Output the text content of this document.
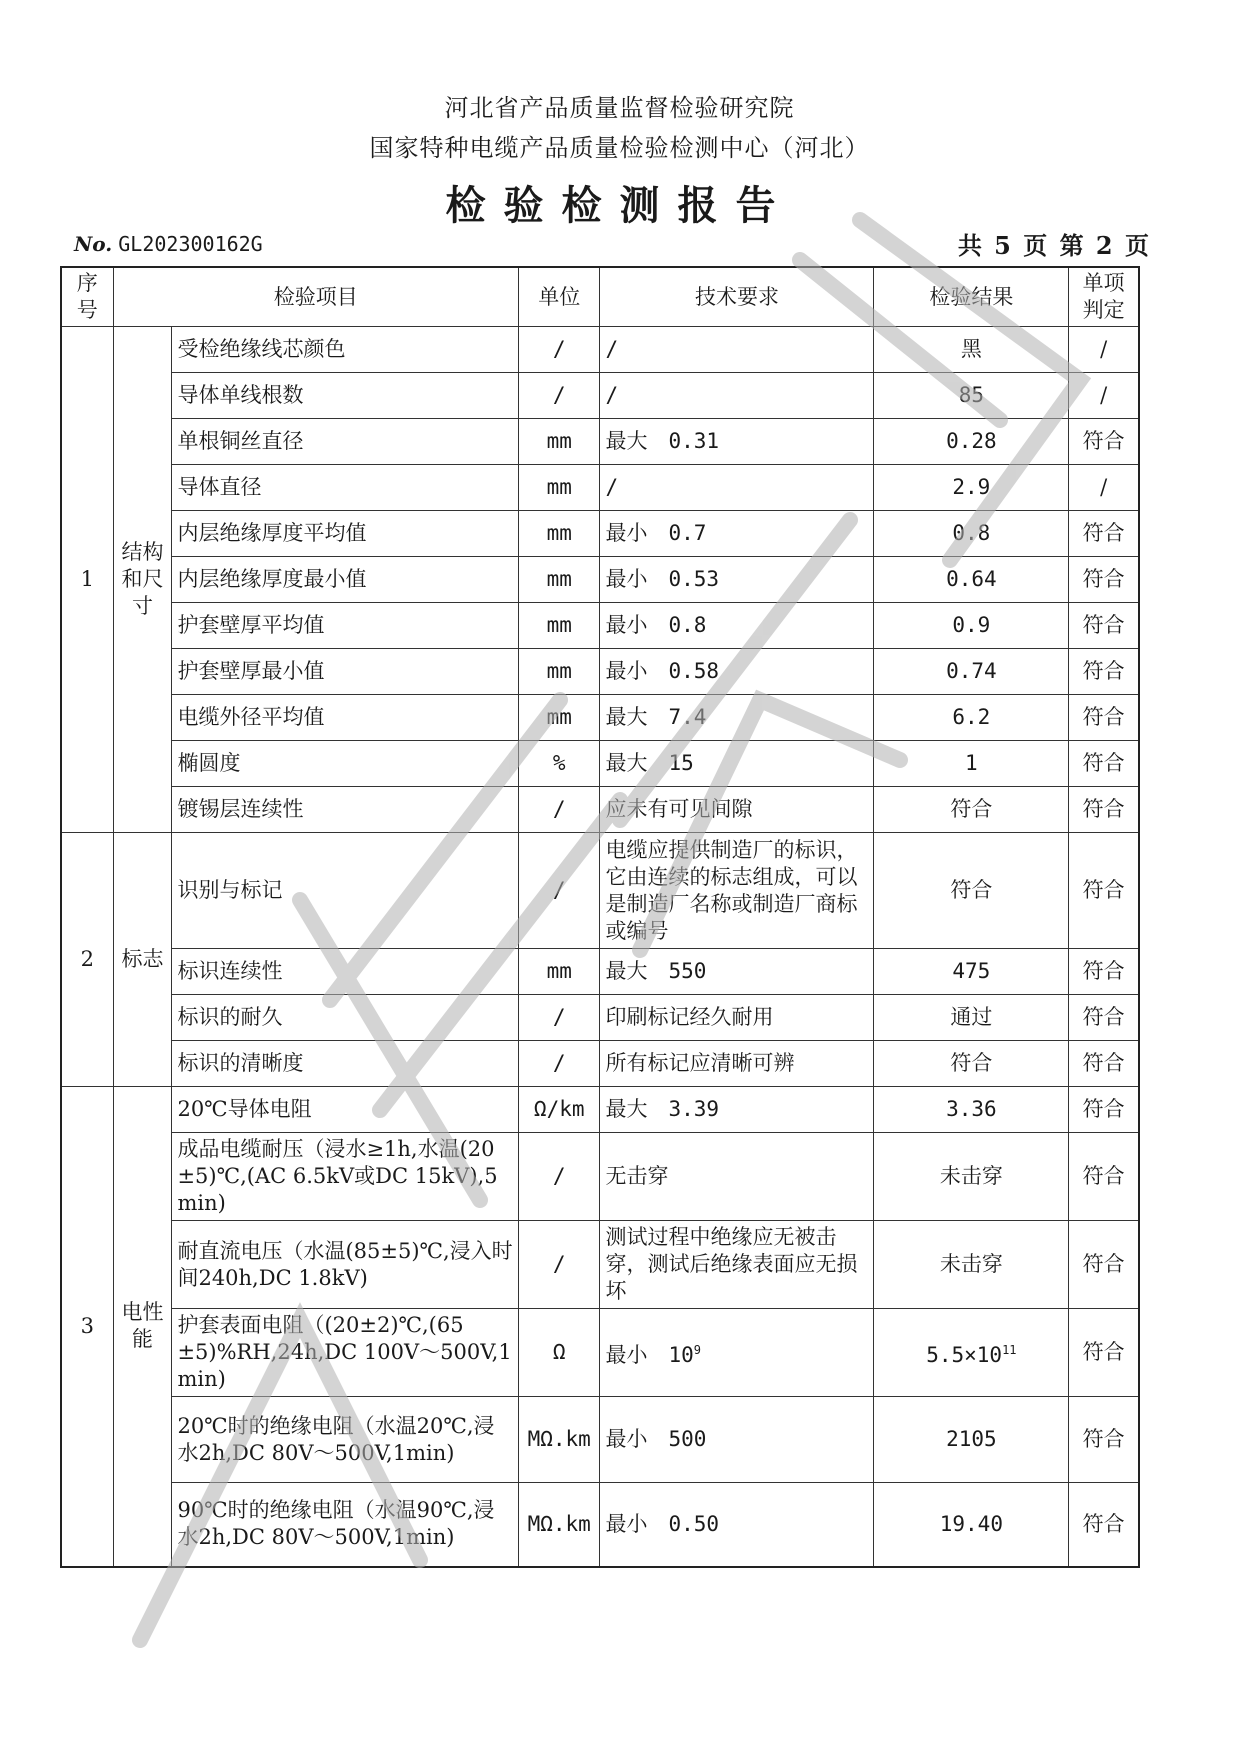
河北省产品质量监督检验研究院
国家特种电缆产品质量检验检测中心（河北）
检验检测报告
No. GL202300162G	共 5 页 第 2 页
序号	检验项目		单位	技术要求	检验结果	单项判定
1	结构和尺寸	受检绝缘线芯颜色	/	/	黑	/
		导体单线根数	/	/	85	/
		单根铜丝直径	mm	最大　0.31	0.28	符合
		导体直径	mm	/	2.9	/
		内层绝缘厚度平均值	mm	最小　0.7	0.8	符合
		内层绝缘厚度最小值	mm	最小　0.53	0.64	符合
		护套壁厚平均值	mm	最小　0.8	0.9	符合
		护套壁厚最小值	mm	最小　0.58	0.74	符合
		电缆外径平均值	mm	最大　7.4	6.2	符合
		椭圆度	%	最大　15	1	符合
		镀锡层连续性	/	应未有可见间隙	符合	符合
2	标志	识别与标记	/	电缆应提供制造厂的标识，它由连续的标志组成，可以是制造厂名称或制造厂商标或编号	符合	符合
		标识连续性	mm	最大　550	475	符合
		标识的耐久	/	印刷标记经久耐用	通过	符合
		标识的清晰度	/	所有标记应清晰可辨	符合	符合
3	电性能	20℃导体电阻	Ω/km	最大　3.39	3.36	符合
		成品电缆耐压（浸水≥1h,水温(20±5)℃,(AC 6.5kV或DC 15kV),5min)	/	无击穿	未击穿	符合
		耐直流电压（水温(85±5)℃,浸入时间240h,DC 1.8kV)	/	测试过程中绝缘应无被击穿，测试后绝缘表面应无损坏	未击穿	符合
		护套表面电阻（(20±2)℃,(65±5)%RH,24h,DC 100V～500V,1min)	Ω	最小　$10^9$	$5.5\times 10^{11}$	符合
		20℃时的绝缘电阻（水温20℃,浸水2h,DC 80V～500V,1min)	MΩ.km	最小　500	2105	符合
		90℃时的绝缘电阻（水温90℃,浸水2h,DC 80V～500V,1min)	MΩ.km	最小　0.50	19.40	符合
